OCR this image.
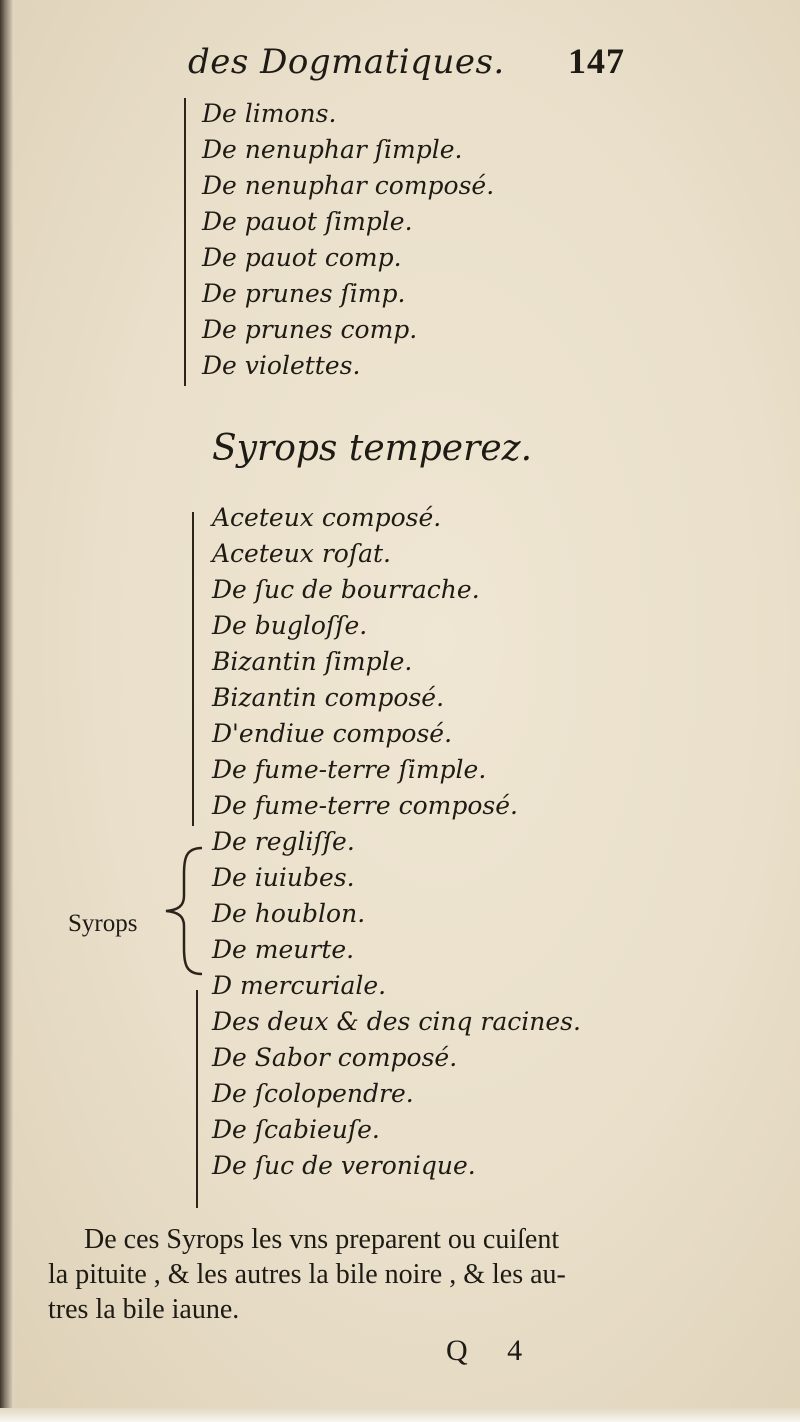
des Dogmatiques. 147
De limons.
De nenuphar ſimple.
De nenuphar composé.
De pauot ſimple.
De pauot comp.
De prunes ſimp.
De prunes comp.
De violettes.
Syrops temperez.
Syrops
Aceteux composé.
Aceteux roſat.
De ſuc de bourrache.
De bugloſſe.
Bizantin ſimple.
Bizantin composé.
D'endiue composé.
De fume-terre ſimple.
De fume-terre composé.
De regliſſe.
De iuiubes.
De houblon.
De meurte.
D mercuriale.
Des deux & des cinq racines.
De Sabor composé.
De ſcolopendre.
De ſcabieuſe.
De ſuc de veronique.

De ces Syrops les vns preparent ou cuiſent
la pituite , & les autres la bile noire , & les au-
tres la bile iaune.

Q 4
